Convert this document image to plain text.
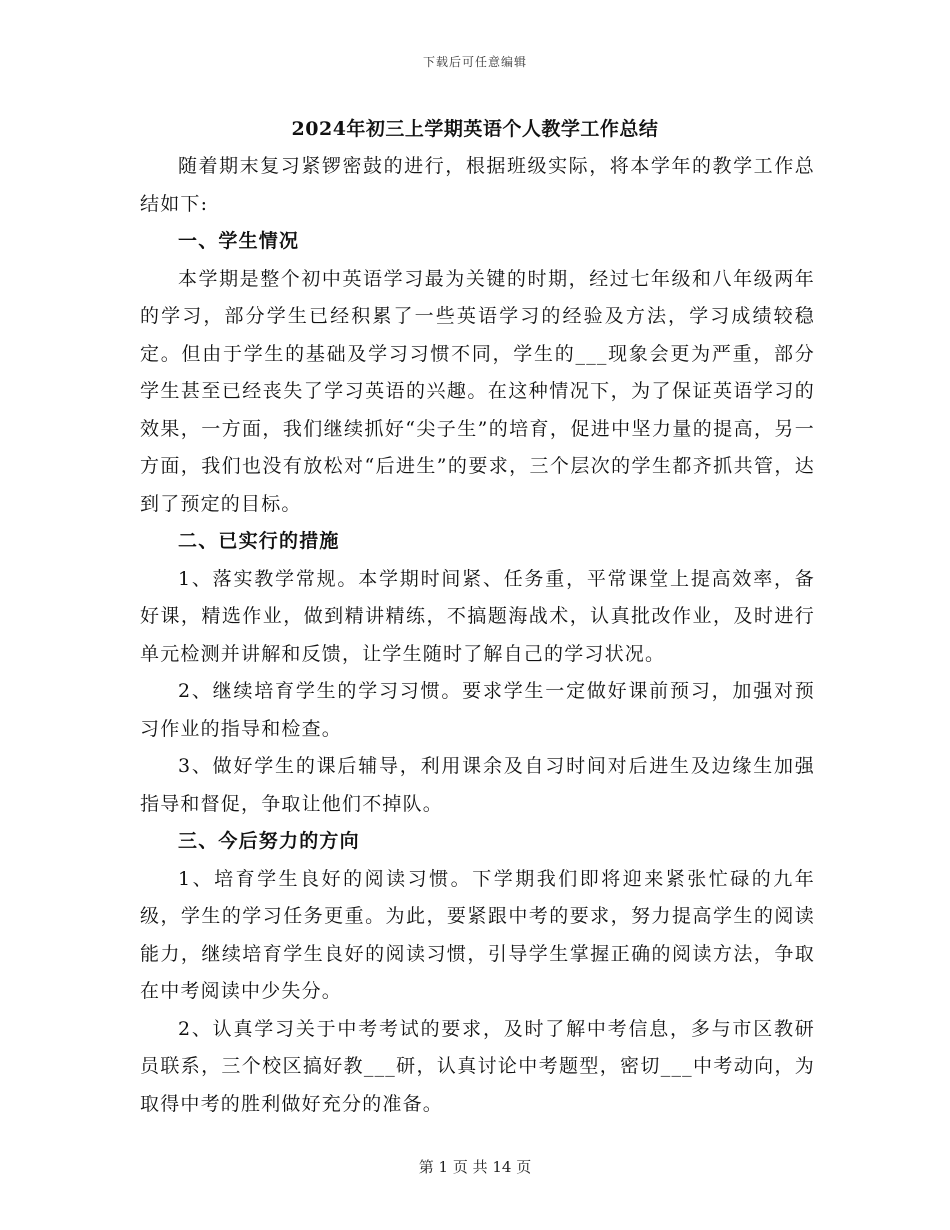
下载后可任意编辑
2024年初三上学期英语个人教学工作总结

随着期末复习紧锣密鼓的进行，根据班级实际，将本学年的教学工作总结如下:

一、学生情况

本学期是整个初中英语学习最为关键的时期，经过七年级和八年级两年的学习，部分学生已经积累了一些英语学习的经验及方法，学习成绩较稳定。但由于学生的基础及学习习惯不同，学生的___现象会更为严重，部分学生甚至已经丧失了学习英语的兴趣。在这种情况下，为了保证英语学习的效果，一方面，我们继续抓好“尖子生”的培育，促进中坚力量的提高，另一方面，我们也没有放松对“后进生”的要求，三个层次的学生都齐抓共管，达到了预定的目标。

二、已实行的措施

1、落实教学常规。本学期时间紧、任务重，平常课堂上提高效率，备好课，精选作业，做到精讲精练，不搞题海战术，认真批改作业，及时进行单元检测并讲解和反馈，让学生随时了解自己的学习状况。

2、继续培育学生的学习习惯。要求学生一定做好课前预习，加强对预习作业的指导和检查。

3、做好学生的课后辅导，利用课余及自习时间对后进生及边缘生加强指导和督促，争取让他们不掉队。

三、今后努力的方向

1、培育学生良好的阅读习惯。下学期我们即将迎来紧张忙碌的九年级，学生的学习任务更重。为此，要紧跟中考的要求，努力提高学生的阅读能力，继续培育学生良好的阅读习惯，引导学生掌握正确的阅读方法，争取在中考阅读中少失分。

2、认真学习关于中考考试的要求，及时了解中考信息，多与市区教研员联系，三个校区搞好教___研，认真讨论中考题型，密切___中考动向，为取得中考的胜利做好充分的准备。

第 1 页 共 14 页
